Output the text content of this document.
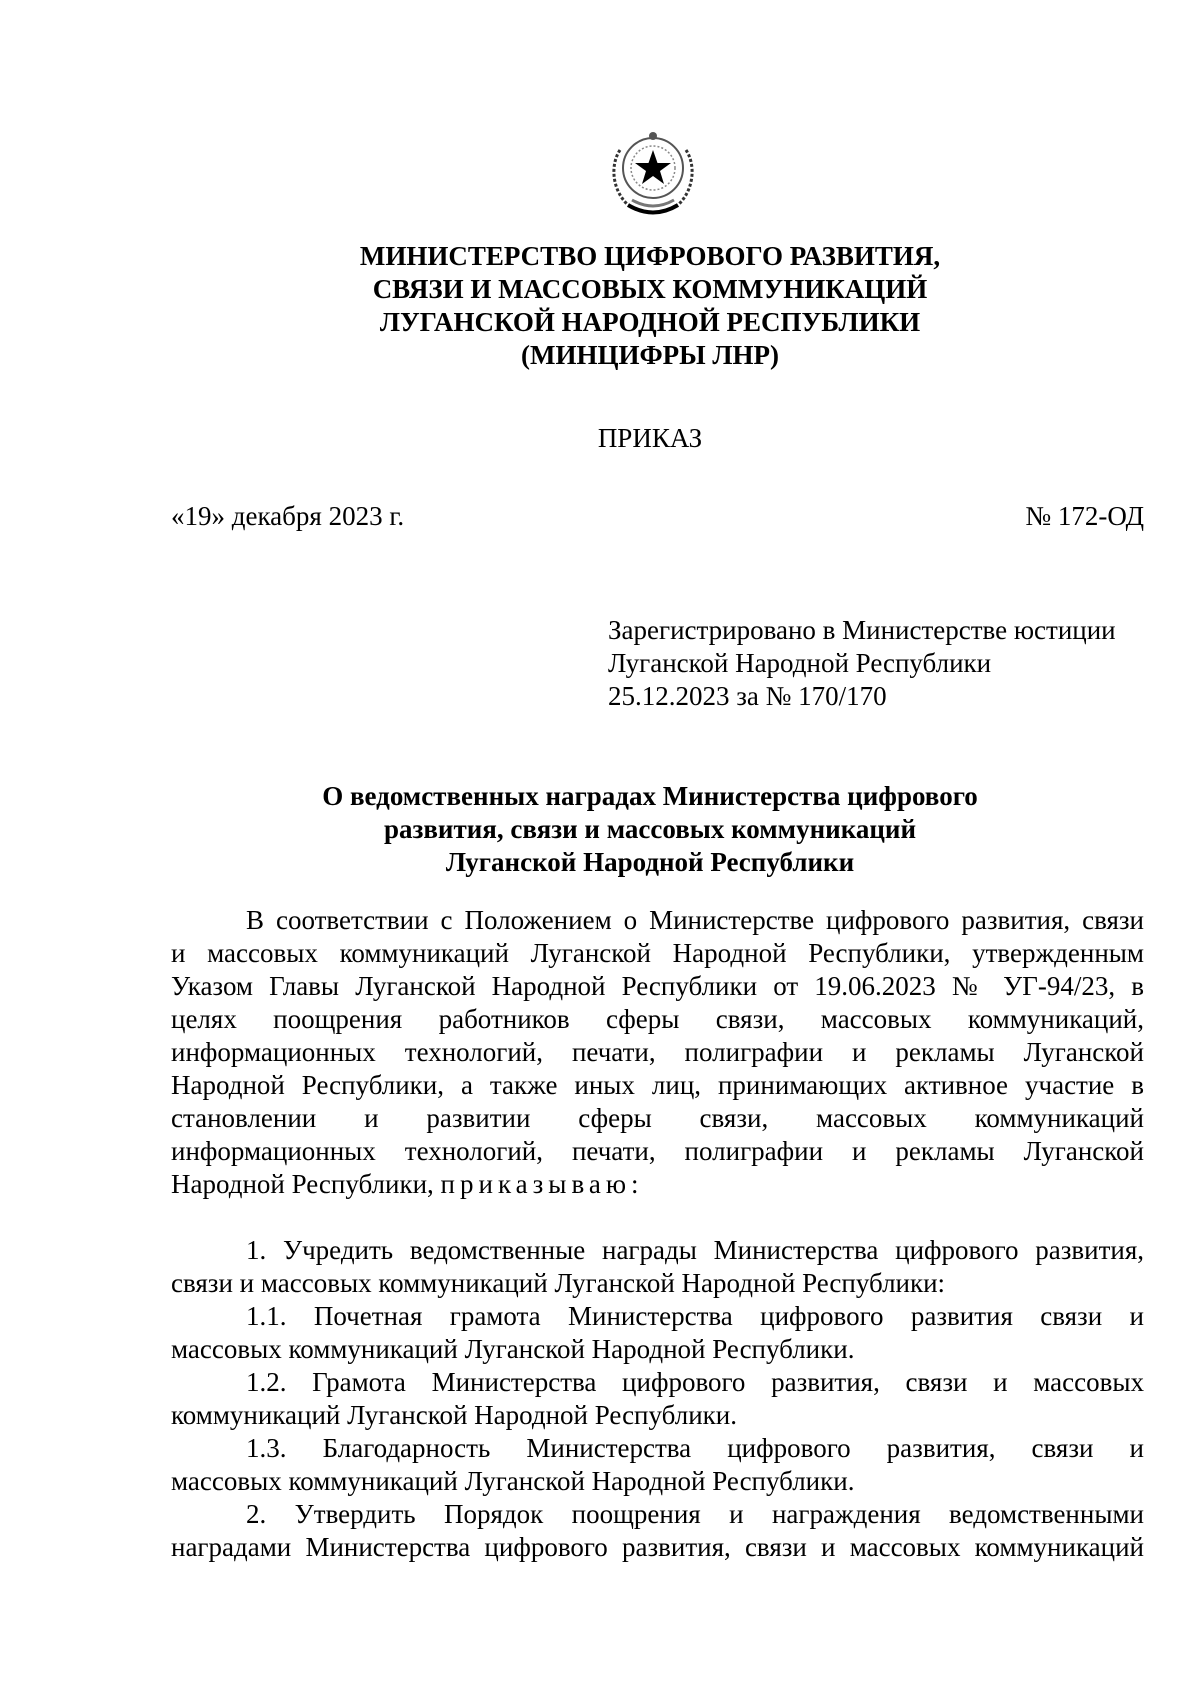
МИНИСТЕРСТВО ЦИФРОВОГО РАЗВИТИЯ,
СВЯЗИ И МАССОВЫХ КОММУНИКАЦИЙ
ЛУГАНСКОЙ НАРОДНОЙ РЕСПУБЛИКИ
(МИНЦИФРЫ ЛНР)
ПРИКАЗ
«19» декабря 2023 г.	№ 172-ОД
Зарегистрировано в Министерстве юстиции
Луганской Народной Республики
25.12.2023 за № 170/170
О ведомственных наградах Министерства цифрового
развития, связи и массовых коммуникаций
Луганской Народной Республики
В соответствии с Положением о Министерстве цифрового развития, связи
и массовых коммуникаций Луганской Народной Республики, утвержденным
Указом Главы Луганской Народной Республики от 19.06.2023 № УГ-94/23, в
целях поощрения работников сферы связи, массовых коммуникаций,
информационных технологий, печати, полиграфии и рекламы Луганской
Народной Республики, а также иных лиц, принимающих активное участие в
становлении и развитии сферы связи, массовых коммуникаций
информационных технологий, печати, полиграфии и рекламы Луганской
Народной Республики, приказываю:
1. Учредить ведомственные награды Министерства цифрового развития,
связи и массовых коммуникаций Луганской Народной Республики:
1.1. Почетная грамота Министерства цифрового развития связи и
массовых коммуникаций Луганской Народной Республики.
1.2. Грамота Министерства цифрового развития, связи и массовых
коммуникаций Луганской Народной Республики.
1.3. Благодарность Министерства цифрового развития, связи и
массовых коммуникаций Луганской Народной Республики.
2. Утвердить Порядок поощрения и награждения ведомственными
наградами Министерства цифрового развития, связи и массовых коммуникаций
